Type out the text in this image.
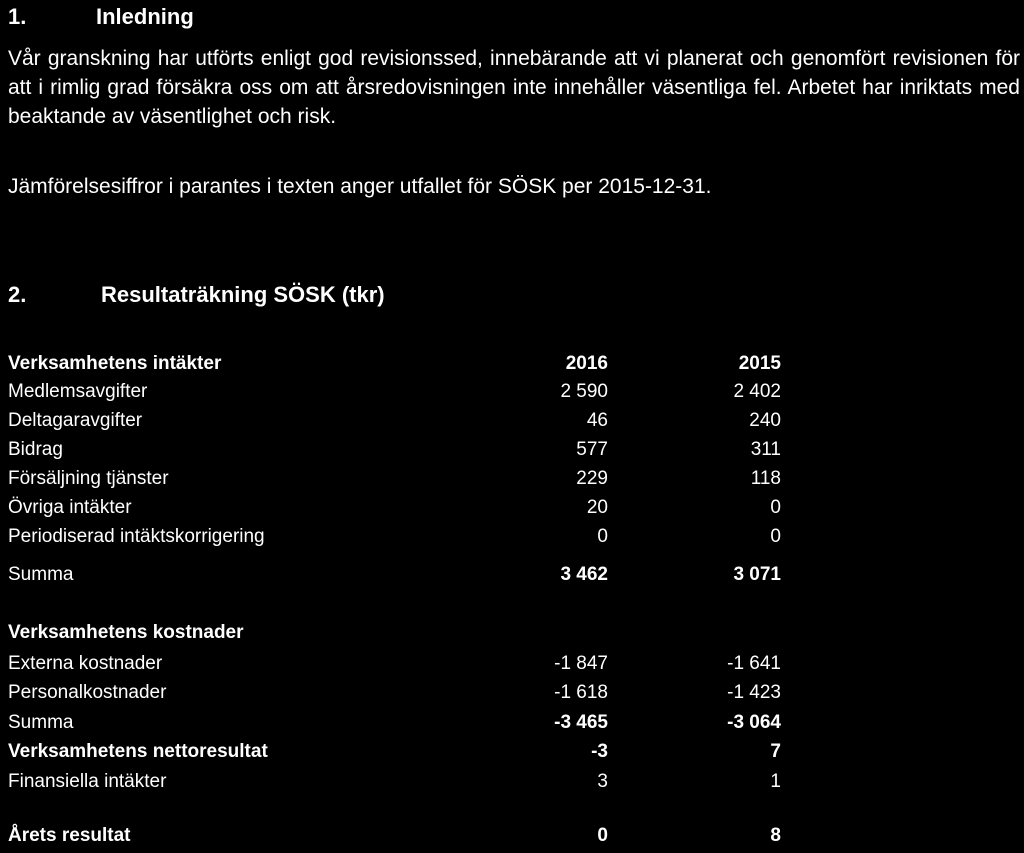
1.	Inledning
Vår granskning har utförts enligt god revisionssed, innebärande att vi planerat och genomfört revisionen för att i rimlig grad försäkra oss om att årsredovisningen inte innehåller väsentliga fel. Arbetet har inriktats med beaktande av väsentlighet och risk.
Jämförelsesiffror i parantes i texten anger utfallet för SÖSK per 2015-12-31.
2.	Resultaträkning SÖSK (tkr)
Verksamhetens intäkter	2016	2015
Medlemsavgifter	2 590	2 402
Deltagaravgifter	46	240
Bidrag	577	311
Försäljning tjänster	229	118
Övriga intäkter	20	0
Periodiserad intäktskorrigering	0	0
Summa	3 462	3 071
Verksamhetens kostnader
Externa kostnader	-1 847	-1 641
Personalkostnader	-1 618	-1 423
Summa	-3 465	-3 064
Verksamhetens nettoresultat	-3	7
Finansiella intäkter	3	1
Årets resultat	0	8
